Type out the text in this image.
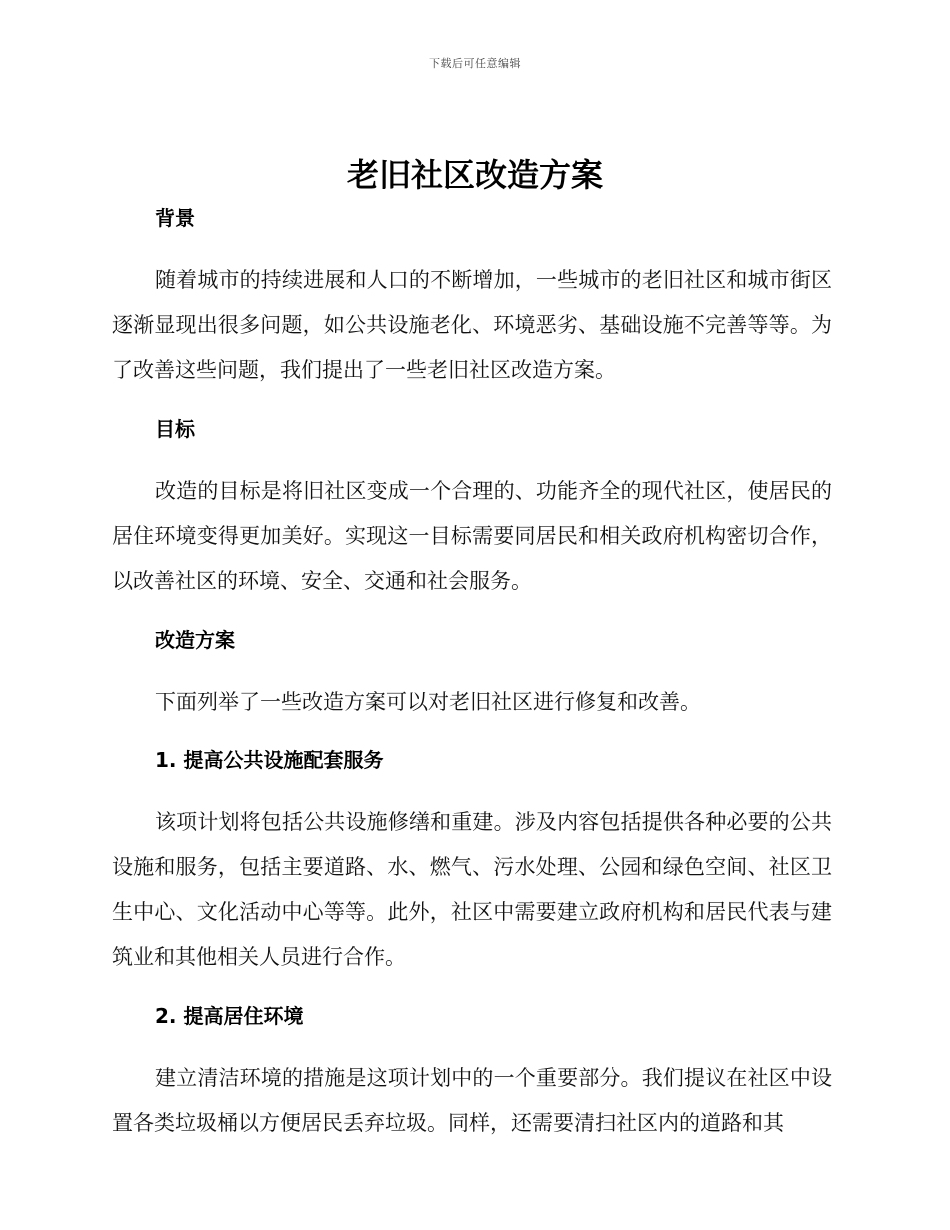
下载后可任意编辑
老旧社区改造方案

背景

随着城市的持续进展和人口的不断增加，一些城市的老旧社区和城市街区逐渐显现出很多问题，如公共设施老化、环境恶劣、基础设施不完善等等。为了改善这些问题，我们提出了一些老旧社区改造方案。

目标

改造的目标是将旧社区变成一个合理的、功能齐全的现代社区，使居民的居住环境变得更加美好。实现这一目标需要同居民和相关政府机构密切合作，以改善社区的环境、安全、交通和社会服务。

改造方案

下面列举了一些改造方案可以对老旧社区进行修复和改善。

1. 提高公共设施配套服务

该项计划将包括公共设施修缮和重建。涉及内容包括提供各种必要的公共设施和服务，包括主要道路、水、燃气、污水处理、公园和绿色空间、社区卫生中心、文化活动中心等等。此外，社区中需要建立政府机构和居民代表与建筑业和其他相关人员进行合作。

2. 提高居住环境

建立清洁环境的措施是这项计划中的一个重要部分。我们提议在社区中设置各类垃圾桶以方便居民丢弃垃圾。同样，还需要清扫社区内的道路和其
